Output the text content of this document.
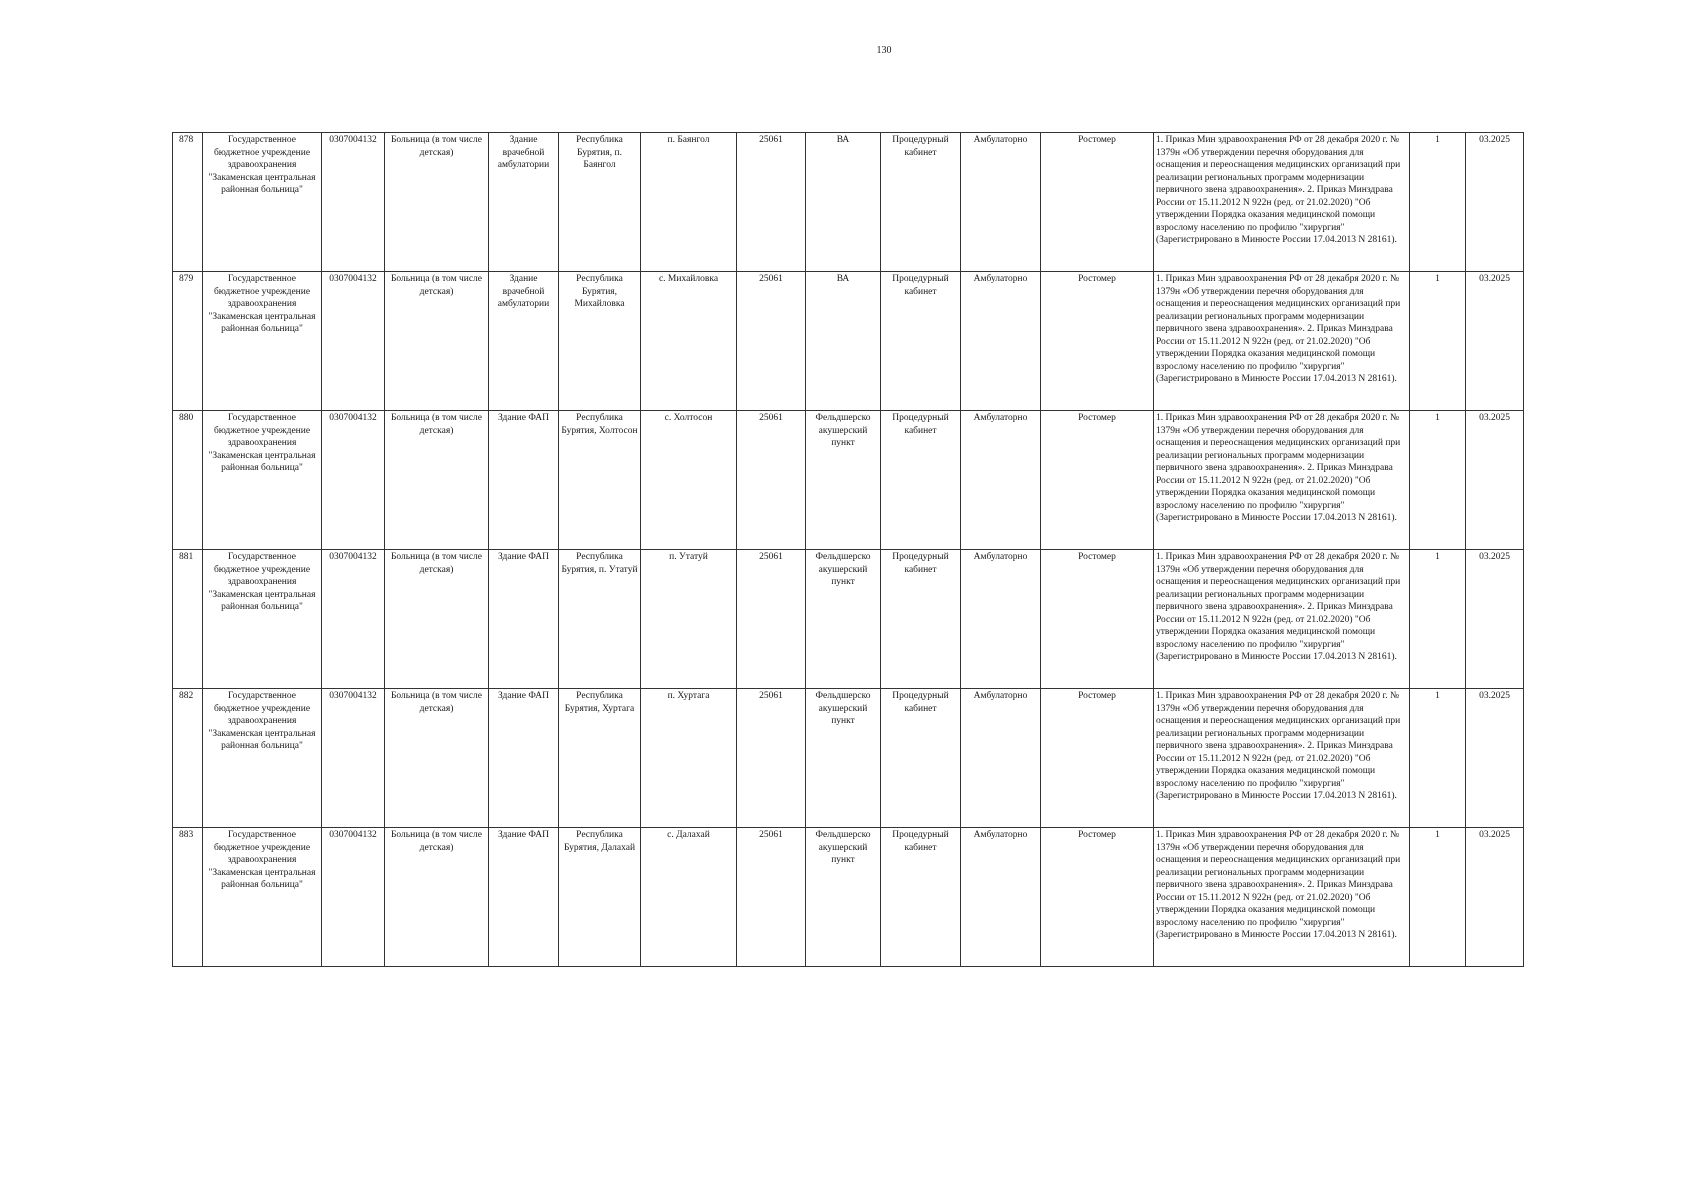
130
878	Государственное бюджетное учреждение здравоохранения "Закаменская центральная районная больница"	0307004132	Больница (в том числе детская)	Здание врачебной амбулатории	Республика Бурятия, п. Баянгол	п. Баянгол	25061	ВА	Процедурный кабинет	Амбулаторно	Ростомер	1. Приказ Мин здравоохранения РФ от 28 декабря 2020 г. № 1379н «Об утверждении перечня оборудования для оснащения и переоснащения медицинских организаций при реализации региональных программ модернизации первичного звена здравоохранения». 2. Приказ Минздрава России от 15.11.2012 N 922н (ред. от 21.02.2020) "Об утверждении Порядка оказания медицинской помощи взрослому населению по профилю "хирургия" (Зарегистрировано в Минюсте России 17.04.2013 N 28161).	1	03.2025
879	Государственное бюджетное учреждение здравоохранения "Закаменская центральная районная больница"	0307004132	Больница (в том числе детская)	Здание врачебной амбулатории	Республика Бурятия, Михайловка	с. Михайловка	25061	ВА	Процедурный кабинет	Амбулаторно	Ростомер	1. Приказ Мин здравоохранения РФ от 28 декабря 2020 г. № 1379н «Об утверждении перечня оборудования для оснащения и переоснащения медицинских организаций при реализации региональных программ модернизации первичного звена здравоохранения». 2. Приказ Минздрава России от 15.11.2012 N 922н (ред. от 21.02.2020) "Об утверждении Порядка оказания медицинской помощи взрослому населению по профилю "хирургия" (Зарегистрировано в Минюсте России 17.04.2013 N 28161).	1	03.2025
880	Государственное бюджетное учреждение здравоохранения "Закаменская центральная районная больница"	0307004132	Больница (в том числе детская)	Здание ФАП	Республика Бурятия, Холтосон	с. Холтосон	25061	Фельдшерско акушерский пункт	Процедурный кабинет	Амбулаторно	Ростомер	1. Приказ Мин здравоохранения РФ от 28 декабря 2020 г. № 1379н «Об утверждении перечня оборудования для оснащения и переоснащения медицинских организаций при реализации региональных программ модернизации первичного звена здравоохранения». 2. Приказ Минздрава России от 15.11.2012 N 922н (ред. от 21.02.2020) "Об утверждении Порядка оказания медицинской помощи взрослому населению по профилю "хирургия" (Зарегистрировано в Минюсте России 17.04.2013 N 28161).	1	03.2025
881	Государственное бюджетное учреждение здравоохранения "Закаменская центральная районная больница"	0307004132	Больница (в том числе детская)	Здание ФАП	Республика Бурятия, п. Утатуй	п. Утатуй	25061	Фельдшерско акушерский пункт	Процедурный кабинет	Амбулаторно	Ростомер	1. Приказ Мин здравоохранения РФ от 28 декабря 2020 г. № 1379н «Об утверждении перечня оборудования для оснащения и переоснащения медицинских организаций при реализации региональных программ модернизации первичного звена здравоохранения». 2. Приказ Минздрава России от 15.11.2012 N 922н (ред. от 21.02.2020) "Об утверждении Порядка оказания медицинской помощи взрослому населению по профилю "хирургия" (Зарегистрировано в Минюсте России 17.04.2013 N 28161).	1	03.2025
882	Государственное бюджетное учреждение здравоохранения "Закаменская центральная районная больница"	0307004132	Больница (в том числе детская)	Здание ФАП	Республика Бурятия, Хуртага	п. Хуртага	25061	Фельдшерско акушерский пункт	Процедурный кабинет	Амбулаторно	Ростомер	1. Приказ Мин здравоохранения РФ от 28 декабря 2020 г. № 1379н «Об утверждении перечня оборудования для оснащения и переоснащения медицинских организаций при реализации региональных программ модернизации первичного звена здравоохранения». 2. Приказ Минздрава России от 15.11.2012 N 922н (ред. от 21.02.2020) "Об утверждении Порядка оказания медицинской помощи взрослому населению по профилю "хирургия" (Зарегистрировано в Минюсте России 17.04.2013 N 28161).	1	03.2025
883	Государственное бюджетное учреждение здравоохранения "Закаменская центральная районная больница"	0307004132	Больница (в том числе детская)	Здание ФАП	Республика Бурятия, Далахай	с. Далахай	25061	Фельдшерско акушерский пункт	Процедурный кабинет	Амбулаторно	Ростомер	1. Приказ Мин здравоохранения РФ от 28 декабря 2020 г. № 1379н «Об утверждении перечня оборудования для оснащения и переоснащения медицинских организаций при реализации региональных программ модернизации первичного звена здравоохранения». 2. Приказ Минздрава России от 15.11.2012 N 922н (ред. от 21.02.2020) "Об утверждении Порядка оказания медицинской помощи взрослому населению по профилю "хирургия" (Зарегистрировано в Минюсте России 17.04.2013 N 28161).	1	03.2025
